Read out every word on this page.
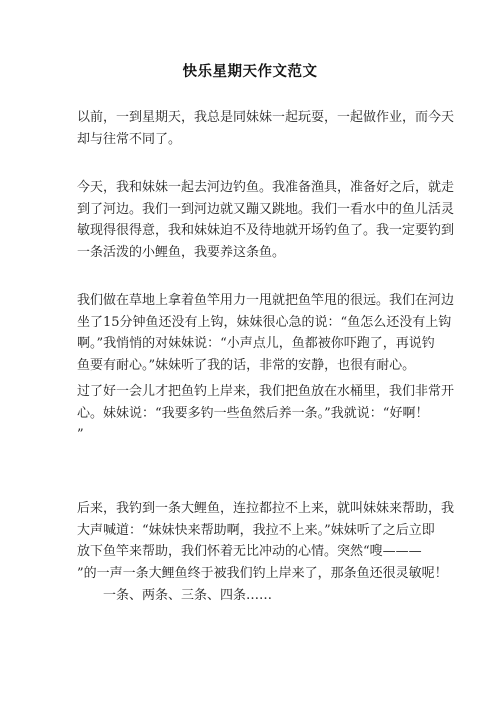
快乐星期天作文范文

以前，一到星期天，我总是同妹妹一起玩耍，一起做作业，而今天
却与往常不同了。

今天，我和妹妹一起去河边钓鱼。我准备渔具，准备好之后，就走
到了河边。我们一到河边就又蹦又跳地。我们一看水中的鱼儿活灵
敏现得很得意，我和妹妹迫不及待地就开场钓鱼了。我一定要钓到
一条活泼的小鲤鱼，我要养这条鱼。

我们做在草地上拿着鱼竿用力一甩就把鱼竿甩的很远。我们在河边
坐了15分钟鱼还没有上钩，妹妹很心急的说：“鱼怎么还没有上钩
啊。”我悄悄的对妹妹说：“小声点儿，鱼都被你吓跑了，再说钓
鱼要有耐心。”妹妹听了我的话，非常的安静，也很有耐心。

过了好一会儿才把鱼钓上岸来，我们把鱼放在水桶里，我们非常开
心。妹妹说：“我要多钓一些鱼然后养一条。”我就说：“好啊！
”

后来，我钓到一条大鲤鱼，连拉都拉不上来，就叫妹妹来帮助，我
大声喊道：“妹妹快来帮助啊，我拉不上来。”妹妹听了之后立即
放下鱼竿来帮助，我们怀着无比冲动的心情。突然“嗖———
”的一声一条大鲤鱼终于被我们钓上岸来了，那条鱼还很灵敏呢！
　　一条、两条、三条、四条……
